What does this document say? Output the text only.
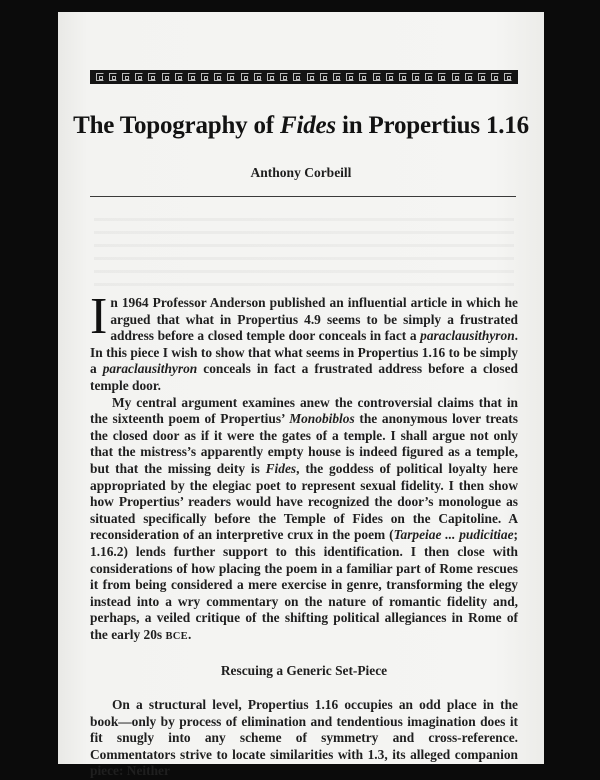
The Topography of Fides in Propertius 1.16
Anthony Corbeill

In 1964 Professor Anderson published an influential article in which he argued that what in Propertius 4.9 seems to be simply a frustrated address before a closed temple door conceals in fact a paraclausithyron. In this piece I wish to show that what seems in Propertius 1.16 to be simply a paraclausithyron conceals in fact a frustrated address before a closed temple door.

My central argument examines anew the controversial claims that in the sixteenth poem of Propertius’ Monobiblos the anonymous lover treats the closed door as if it were the gates of a temple. I shall argue not only that the mistress’s apparently empty house is indeed figured as a temple, but that the missing deity is Fides, the goddess of political loyalty here appropriated by the elegiac poet to represent sexual fidelity. I then show how Propertius’ readers would have recognized the door’s monologue as situated specifically before the Temple of Fides on the Capitoline. A reconsideration of an interpretive crux in the poem (Tarpeiae ... pudicitiae; 1.16.2) lends further support to this identification. I then close with considerations of how placing the poem in a familiar part of Rome rescues it from being considered a mere exercise in genre, transforming the elegy instead into a wry commentary on the nature of romantic fidelity and, perhaps, a veiled critique of the shifting political allegiances in Rome of the early 20s BCE.

Rescuing a Generic Set-Piece

On a structural level, Propertius 1.16 occupies an odd place in the book—only by process of elimination and tendentious imagination does it fit snugly into any scheme of symmetry and cross-reference. Commentators strive to locate similarities with 1.3, its alleged companion piece: Neither
